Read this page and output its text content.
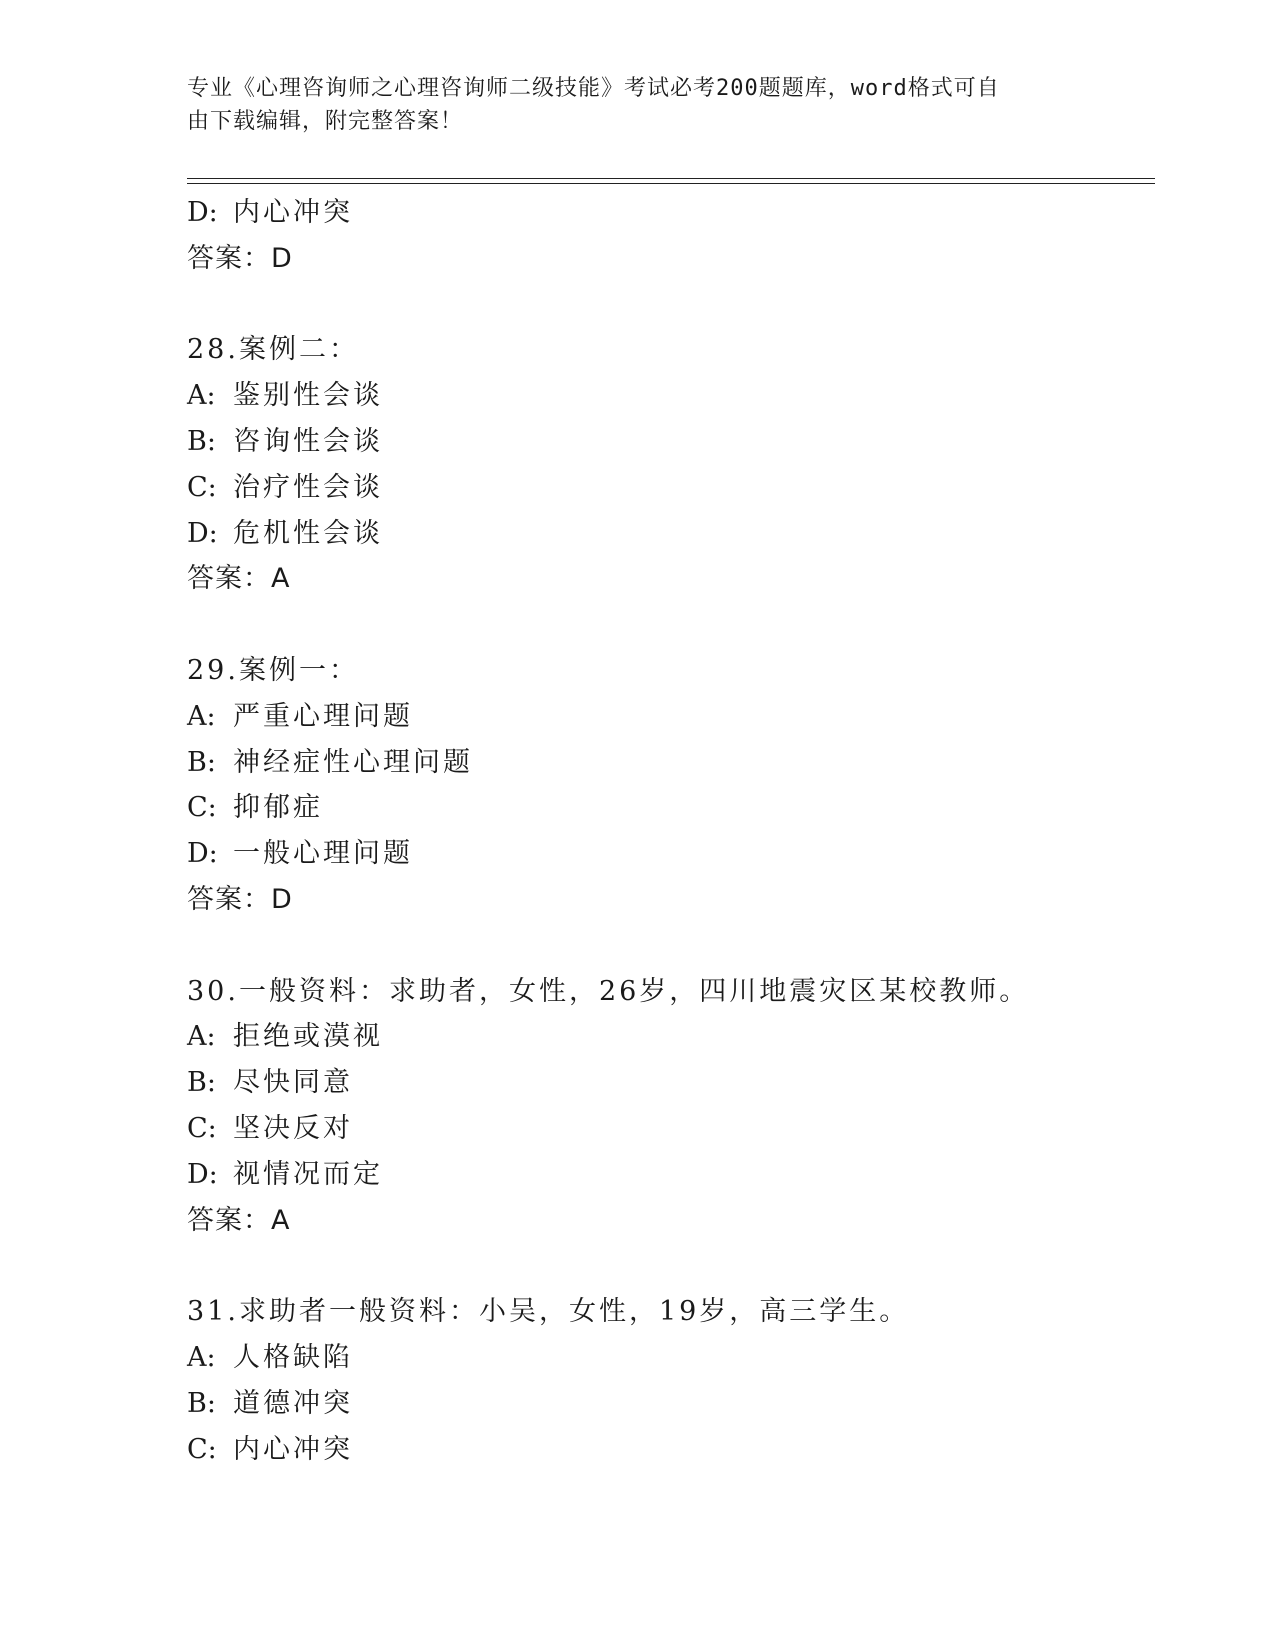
专业《心理咨询师之心理咨询师二级技能》考试必考200题题库，word格式可自
由下载编辑，附完整答案！
D: 内心冲突
答案：D
28.案例二：
A: 鉴别性会谈
B: 咨询性会谈
C: 治疗性会谈
D: 危机性会谈
答案：A
29.案例一：
A: 严重心理问题
B: 神经症性心理问题
C: 抑郁症
D: 一般心理问题
答案：D
30.一般资料：求助者，女性，26岁，四川地震灾区某校教师。
A: 拒绝或漠视
B: 尽快同意
C: 坚决反对
D: 视情况而定
答案：A
31.求助者一般资料：小吴，女性，19岁，高三学生。
A: 人格缺陷
B: 道德冲突
C: 内心冲突
